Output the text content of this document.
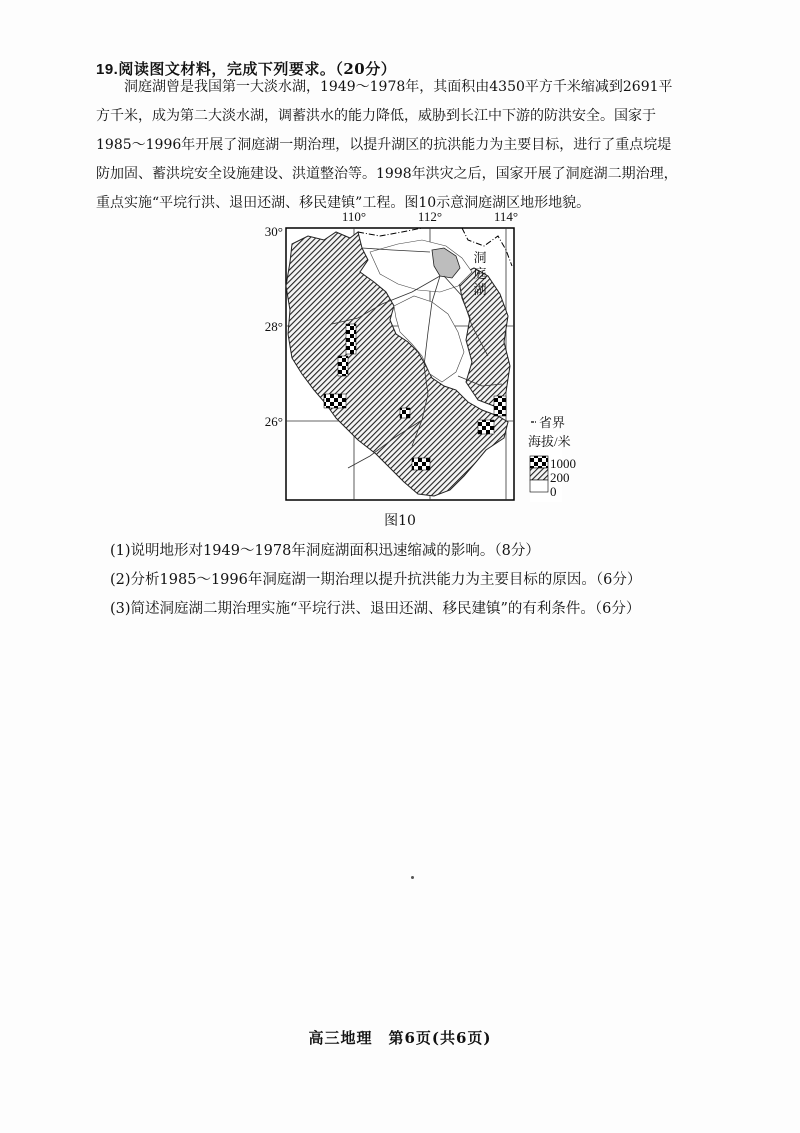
19.阅读图文材料，完成下列要求。（20分）
洞庭湖曾是我国第一大淡水湖，1949～1978年，其面积由4350平方千米缩减到2691平
方千米，成为第二大淡水湖，调蓄洪水的能力降低，威胁到长江中下游的防洪安全。国家于
1985～1996年开展了洞庭湖一期治理，以提升湖区的抗洪能力为主要目标，进行了重点垸堤
防加固、蓄洪垸安全设施建设、洪道整治等。1998年洪灾之后，国家开展了洞庭湖二期治理，
重点实施“平垸行洪、退田还湖、移民建镇”工程。图10示意洞庭湖区地形地貌。
110°	112°	114°
30°
28°
26°
洞
庭
湖
省界
海拔/米
1000
200
0
图10
(1)说明地形对1949～1978年洞庭湖面积迅速缩减的影响。（8分）
(2)分析1985～1996年洞庭湖一期治理以提升抗洪能力为主要目标的原因。（6分）
(3)简述洞庭湖二期治理实施“平垸行洪、退田还湖、移民建镇”的有利条件。（6分）
高三地理　第6页(共6页)
